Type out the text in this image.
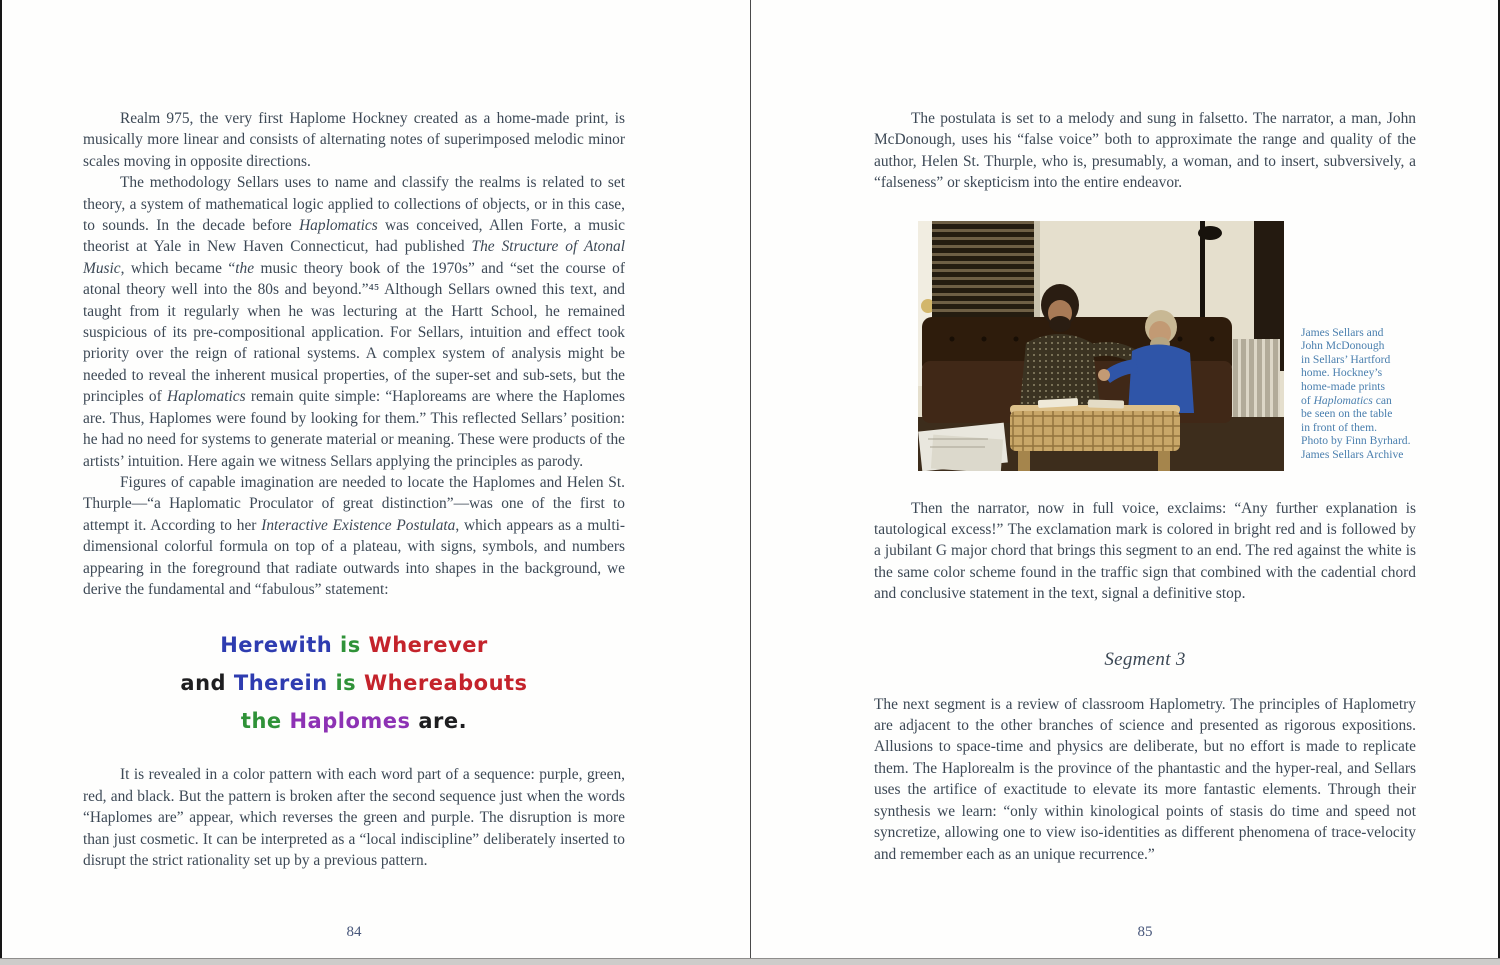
Realm 975, the very first Haplome Hockney created as a home-made print, is musically more linear and consists of alternating notes of superimposed melodic minor scales moving in opposite directions.

The methodology Sellars uses to name and classify the realms is related to set theory, a system of mathematical logic applied to collections of objects, or in this case, to sounds. In the decade before Haplomatics was conceived, Allen Forte, a music theorist at Yale in New Haven Connecticut, had published The Structure of Atonal Music, which became “the music theory book of the 1970s” and “set the course of atonal theory well into the 80s and beyond.”⁴⁵ Although Sellars owned this text, and taught from it regularly when he was lecturing at the Hartt School, he remained suspicious of its pre-compositional application. For Sellars, intuition and effect took priority over the reign of rational systems. A complex system of analysis might be needed to reveal the inherent musical properties, of the super-set and sub-sets, but the principles of Haplomatics remain quite simple: “Haploreams are where the Haplomes are. Thus, Haplomes were found by looking for them.” This reflected Sellars’ position: he had no need for systems to generate material or meaning. These were products of the artists’ intuition. Here again we witness Sellars applying the principles as parody.

Figures of capable imagination are needed to locate the Haplomes and Helen St. Thurple—“a Haplomatic Proculator of great distinction”—was one of the first to attempt it. According to her Interactive Existence Postulata, which appears as a multi-dimensional colorful formula on top of a plateau, with signs, symbols, and numbers appearing in the foreground that radiate outwards into shapes in the background, we derive the fundamental and “fabulous” statement:

Herewith is Wherever
and Therein is Whereabouts
the Haplomes are.

It is revealed in a color pattern with each word part of a sequence: purple, green, red, and black. But the pattern is broken after the second sequence just when the words “Haplomes are” appear, which reverses the green and purple. The disruption is more than just cosmetic. It can be interpreted as a “local indiscipline” deliberately inserted to disrupt the strict rationality set up by a previous pattern.

The postulata is set to a melody and sung in falsetto. The narrator, a man, John McDonough, uses his “false voice” both to approximate the range and quality of the author, Helen St. Thurple, who is, presumably, a woman, and to insert, subversively, a “falseness” or skepticism into the entire endeavor.

James Sellars and
John McDonough
in Sellars’ Hartford
home. Hockney’s
home-made prints
of Haplomatics can
be seen on the table
in front of them.
Photo by Finn Byrhard.
James Sellars Archive

Then the narrator, now in full voice, exclaims: “Any further explanation is tautological excess!” The exclamation mark is colored in bright red and is followed by a jubilant G major chord that brings this segment to an end. The red against the white is the same color scheme found in the traffic sign that combined with the cadential chord and conclusive statement in the text, signal a definitive stop.

Segment 3

The next segment is a review of classroom Haplometry. The principles of Haplometry are adjacent to the other branches of science and presented as rigorous expositions. Allusions to space-time and physics are deliberate, but no effort is made to replicate them. The Haplorealm is the province of the phantastic and the hyper-real, and Sellars uses the artifice of exactitude to elevate its more fantastic elements. Through their synthesis we learn: “only within kinological points of stasis do time and speed not syncretize, allowing one to view iso-identities as different phenomena of trace-velocity and remember each as an unique recurrence.”

84	85
